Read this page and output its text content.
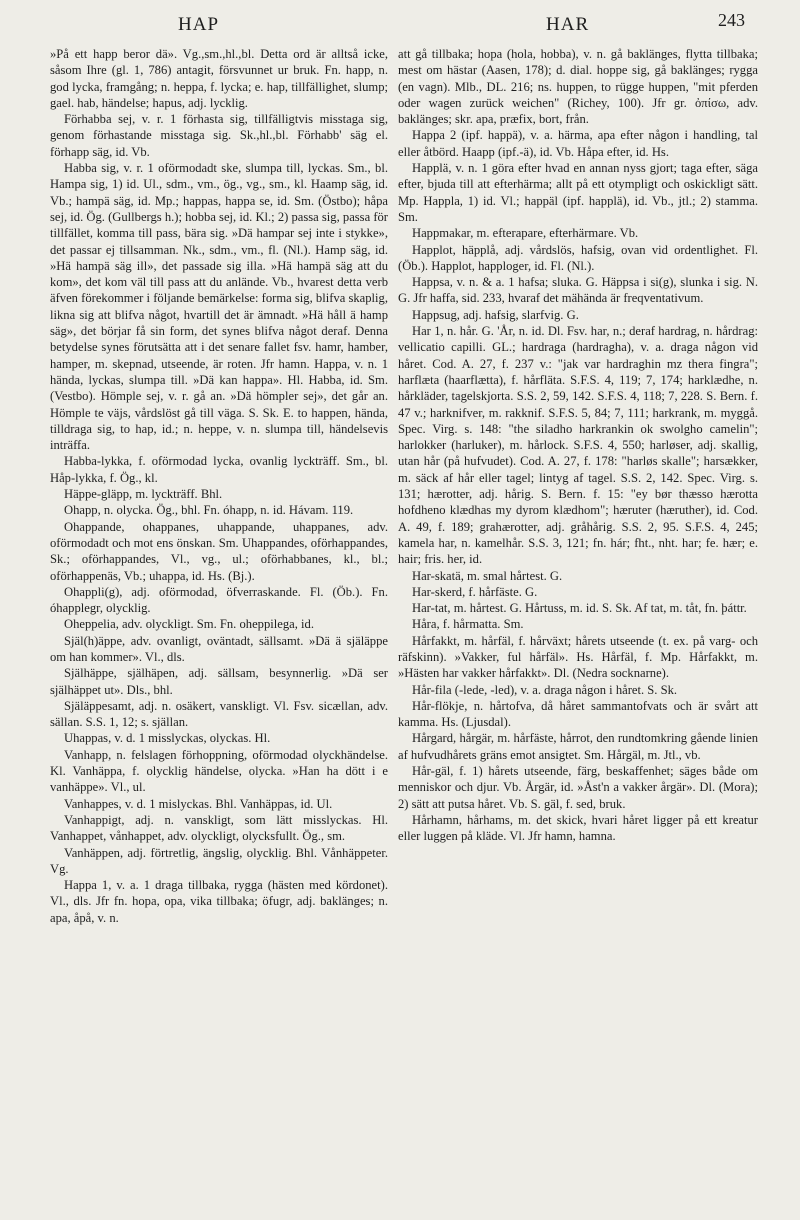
HAP	HAR	243

»På ett happ beror dä». Vg.,sm.,hl.,bl. Detta ord är alltså icke, såsom Ihre (gl. 1, 786) antagit, försvunnet ur bruk. Fn. happ, n. god lycka, framgång; n. heppa, f. lycka; e. hap, tillfällighet, slump; gael. hab, händelse; hapus, adj. lycklig.

Förhabba sej, v. r. 1 förhasta sig, tillfälligtvis misstaga sig, genom förhastande misstaga sig. Sk.,hl.,bl. Förhabb' säg el. förhapp säg, id. Vb.

Habba sig, v. r. 1 oförmodadt ske, slumpa till, lyckas. Sm., bl. Hampa sig, 1) id. Ul., sdm., vm., ög., vg., sm., kl. Haamp säg, id. Vb.; hampä säg, id. Mp.; happas, happa se, id. Sm. (Östbo); håpa sej, id. Ög. (Gullbergs h.); hobba sej, id. Kl.; 2) passa sig, passa för tillfället, komma till pass, bära sig. »Dä hampar sej inte i stykke», det passar ej tillsamman. Nk., sdm., vm., fl. (Nl.). Hamp säg, id. »Hä hampä säg ill», det passade sig illa. »Hä hampä säg att du kom», det kom väl till pass att du anlände. Vb., hvarest detta verb äfven förekommer i följande bemärkelse: forma sig, blifva skaplig, likna sig att blifva något, hvartill det är ämnadt. »Hä håll ä hamp säg», det börjar få sin form, det synes blifva något deraf. Denna betydelse synes förutsätta att i det senare fallet fsv. hamr, hamber, hamper, m. skepnad, utseende, är roten. Jfr hamn. Happa, v. n. 1 hända, lyckas, slumpa till. »Dä kan happa». Hl. Habba, id. Sm. (Vestbo). Hömple sej, v. r. gå an. »Dä hömpler sej», det går an. Hömple te väjs, vårdslöst gå till väga. S. Sk. E. to happen, hända, tilldraga sig, to hap, id.; n. heppe, v. n. slumpa till, händelsevis inträffa.

Habba-lykka, f. oförmodad lycka, ovanlig lyckträff. Sm., bl. Håp-lykka, f. Ög., kl.

Häppe-gläpp, m. lyckträff. Bhl.

Ohapp, n. olycka. Ög., bhl. Fn. óhapp, n. id. Hávam. 119.

Ohappande, ohappanes, uhappande, uhappanes, adv. oförmodadt och mot ens önskan. Sm. Uhappandes, oförhappandes, Sk.; oförhappandes, Vl., vg., ul.; oförhabbanes, kl., bl.; oförhappenäs, Vb.; uhappa, id. Hs. (Bj.).

Ohappli(g), adj. oförmodad, öfverraskande. Fl. (Öb.). Fn. óhapplegr, olycklig.

Oheppelia, adv. olyckligt. Sm. Fn. oheppilega, id.

Själ(h)äppe, adv. ovanligt, oväntadt, sällsamt. »Dä ä själäppe om han kommer». Vl., dls.

Själhäppe, själhäpen, adj. sällsam, besynnerlig. »Dä ser själhäppet ut». Dls., bhl.

Själäppesamt, adj. n. osäkert, vanskligt. Vl. Fsv. sicællan, adv. sällan. S.S. 1, 12; s. själlan.

Uhappas, v. d. 1 misslyckas, olyckas. Hl.

Vanhapp, n. felslagen förhoppning, oförmodad olyckhändelse. Kl. Vanhäppa, f. olycklig händelse, olycka. »Han ha dött i e vanhäppe». Vl., ul.

Vanhappes, v. d. 1 mislyckas. Bhl. Vanhäppas, id. Ul.

Vanhappigt, adj. n. vanskligt, som lätt misslyckas. Hl. Vanhappet, vånhappet, adv. olyckligt, olycksfullt. Ög., sm.

Vanhäppen, adj. förtretlig, ängslig, olycklig. Bhl. Vånhäppeter. Vg.

Happa 1, v. a. 1 draga tillbaka, rygga (hästen med kördonet). Vl., dls. Jfr fn. hopa, opa, vika tillbaka; öfugr, adj. baklänges; n. apa, åpå, v. n.

att gå tillbaka; hopa (hola, hobba), v. n. gå baklänges, flytta tillbaka; mest om hästar (Aasen, 178); d. dial. hoppe sig, gå baklänges; rygga (en vagn). Mlb., DL. 216; ns. huppen, to rügge huppen, "mit pferden oder wagen zurück weichen" (Richey, 100). Jfr gr. ὀπίσω, adv. baklänges; skr. apa, præfix, bort, från.

Happa 2 (ipf. happä), v. a. härma, apa efter någon i handling, tal eller åtbörd. Haapp (ipf.-ä), id. Vb. Håpa efter, id. Hs.

Happlä, v. n. 1 göra efter hvad en annan nyss gjort; taga efter, säga efter, bjuda till att efterhärma; allt på ett otympligt och oskickligt sätt. Mp. Happla, 1) id. Vl.; happäl (ipf. happlä), id. Vb., jtl.; 2) stamma. Sm.

Happmakar, m. efterapare, efterhärmare. Vb.

Happlot, häpplå, adj. vårdslös, hafsig, ovan vid ordentlighet. Fl. (Öb.). Happlot, happloger, id. Fl. (Nl.).

Happsa, v. n. & a. 1 hafsa; sluka. G. Häppsa i si(g), slunka i sig. N. G. Jfr haffa, sid. 233, hvaraf det mähända är freqventativum.

Happsug, adj. hafsig, slarfvig. G.

Har 1, n. hår. G. 'År, n. id. Dl. Fsv. har, n.; deraf hardrag, n. hårdrag: vellicatio capilli. GL.; hardraga (hardragha), v. a. draga någon vid håret. Cod. A. 27, f. 237 v.: "jak var hardraghin mz thera fingra"; harflæta (haarflætta), f. hårfläta. S.F.S. 4, 119; 7, 174; harklædhe, n. hårkläder, tagelskjorta. S.S. 2, 59, 142. S.F.S. 4, 118; 7, 228. S. Bern. f. 47 v.; harknifver, m. rakknif. S.F.S. 5, 84; 7, 111; harkrank, m. myggå. Spec. Virg. s. 148: "the siladho harkrankin ok swolgho camelin"; harlokker (harluker), m. hårlock. S.F.S. 4, 550; harløser, adj. skallig, utan hår (på hufvudet). Cod. A. 27, f. 178: "harløs skalle"; harsækker, m. säck af hår eller tagel; lintyg af tagel. S.S. 2, 142. Spec. Virg. s. 131; hærotter, adj. hårig. S. Bern. f. 15: "ey bør thæsso hærotta hofdheno klædhas my dyrom klædhom"; hæruter (hæruther), id. Cod. A. 49, f. 189; grahærotter, adj. gråhårig. S.S. 2, 95. S.F.S. 4, 245; kamela har, n. kamelhår. S.S. 3, 121; fn. hár; fht., nht. har; fe. hær; e. hair; fris. her, id.

Har-skatä, m. smal hårtest. G.

Har-skerd, f. hårfäste. G.

Har-tat, m. hårtest. G. Hårtuss, m. id. S. Sk. Af tat, m. tåt, fn. þáttr.

Håra, f. hårmatta. Sm.

Hårfakkt, m. hårfäl, f. hårväxt; hårets utseende (t. ex. på varg- och räfskinn). »Vakker, ful hårfäl». Hs. Hårfäl, f. Mp. Hårfakkt, m. »Hästen har vakker hårfakkt». Dl. (Nedra socknarne).

Hår-fila (-lede, -led), v. a. draga någon i håret. S. Sk.

Hår-flökje, n. hårtofva, då håret sammantofvats och är svårt att kamma. Hs. (Ljusdal).

Hårgard, hårgär, m. hårfäste, hårrot, den rundtomkring gående linien af hufvudhårets gräns emot ansigtet. Sm. Hårgäl, m. Jtl., vb.

Hår-gäl, f. 1) hårets utseende, färg, beskaffenhet; säges både om menniskor och djur. Vb. Årgär, id. »Åst'n a vakker årgär». Dl. (Mora); 2) sätt att putsa håret. Vb. S. gäl, f. sed, bruk.

Hårhamn, hårhams, m. det skick, hvari håret ligger på ett kreatur eller luggen på kläde. Vl. Jfr hamn, hamna.
